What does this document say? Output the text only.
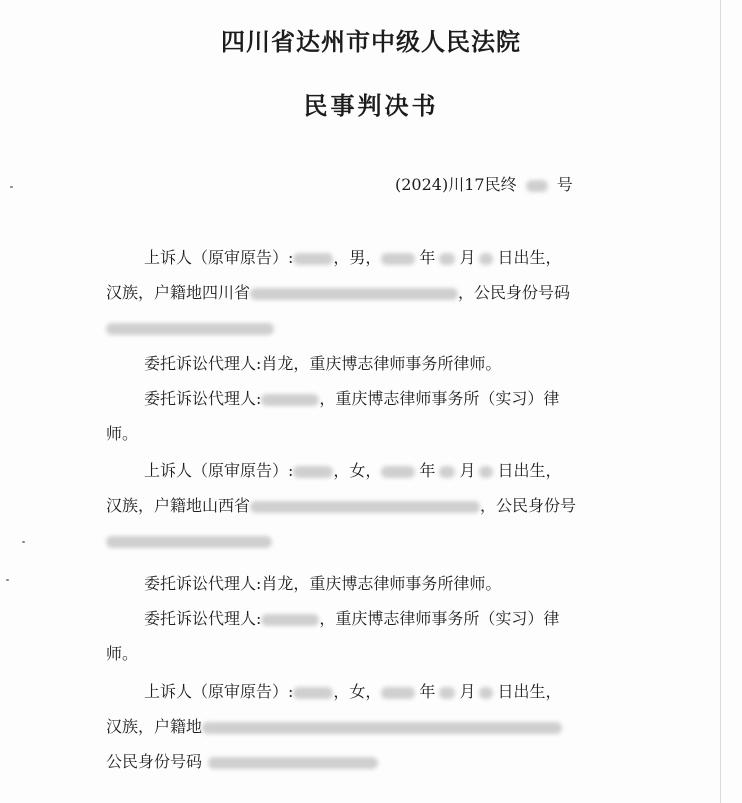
四川省达州市中级人民法院
民事判决书
(2024)川17民终	号
上诉人（原审原告）:	，男， 年 月 日出生，
汉族，户籍地四川省	，公民身份号码
委托诉讼代理人:肖龙，重庆博志律师事务所律师。
委托诉讼代理人:	，重庆博志律师事务所（实习）律
师。
上诉人（原审原告）:	，女， 年 月 日出生，
汉族，户籍地山西省	，公民身份号
委托诉讼代理人:肖龙，重庆博志律师事务所律师。
委托诉讼代理人:	，重庆博志律师事务所（实习）律
师。
上诉人（原审原告）:	，女， 年 月 日出生，
汉族，户籍地
公民身份号码
